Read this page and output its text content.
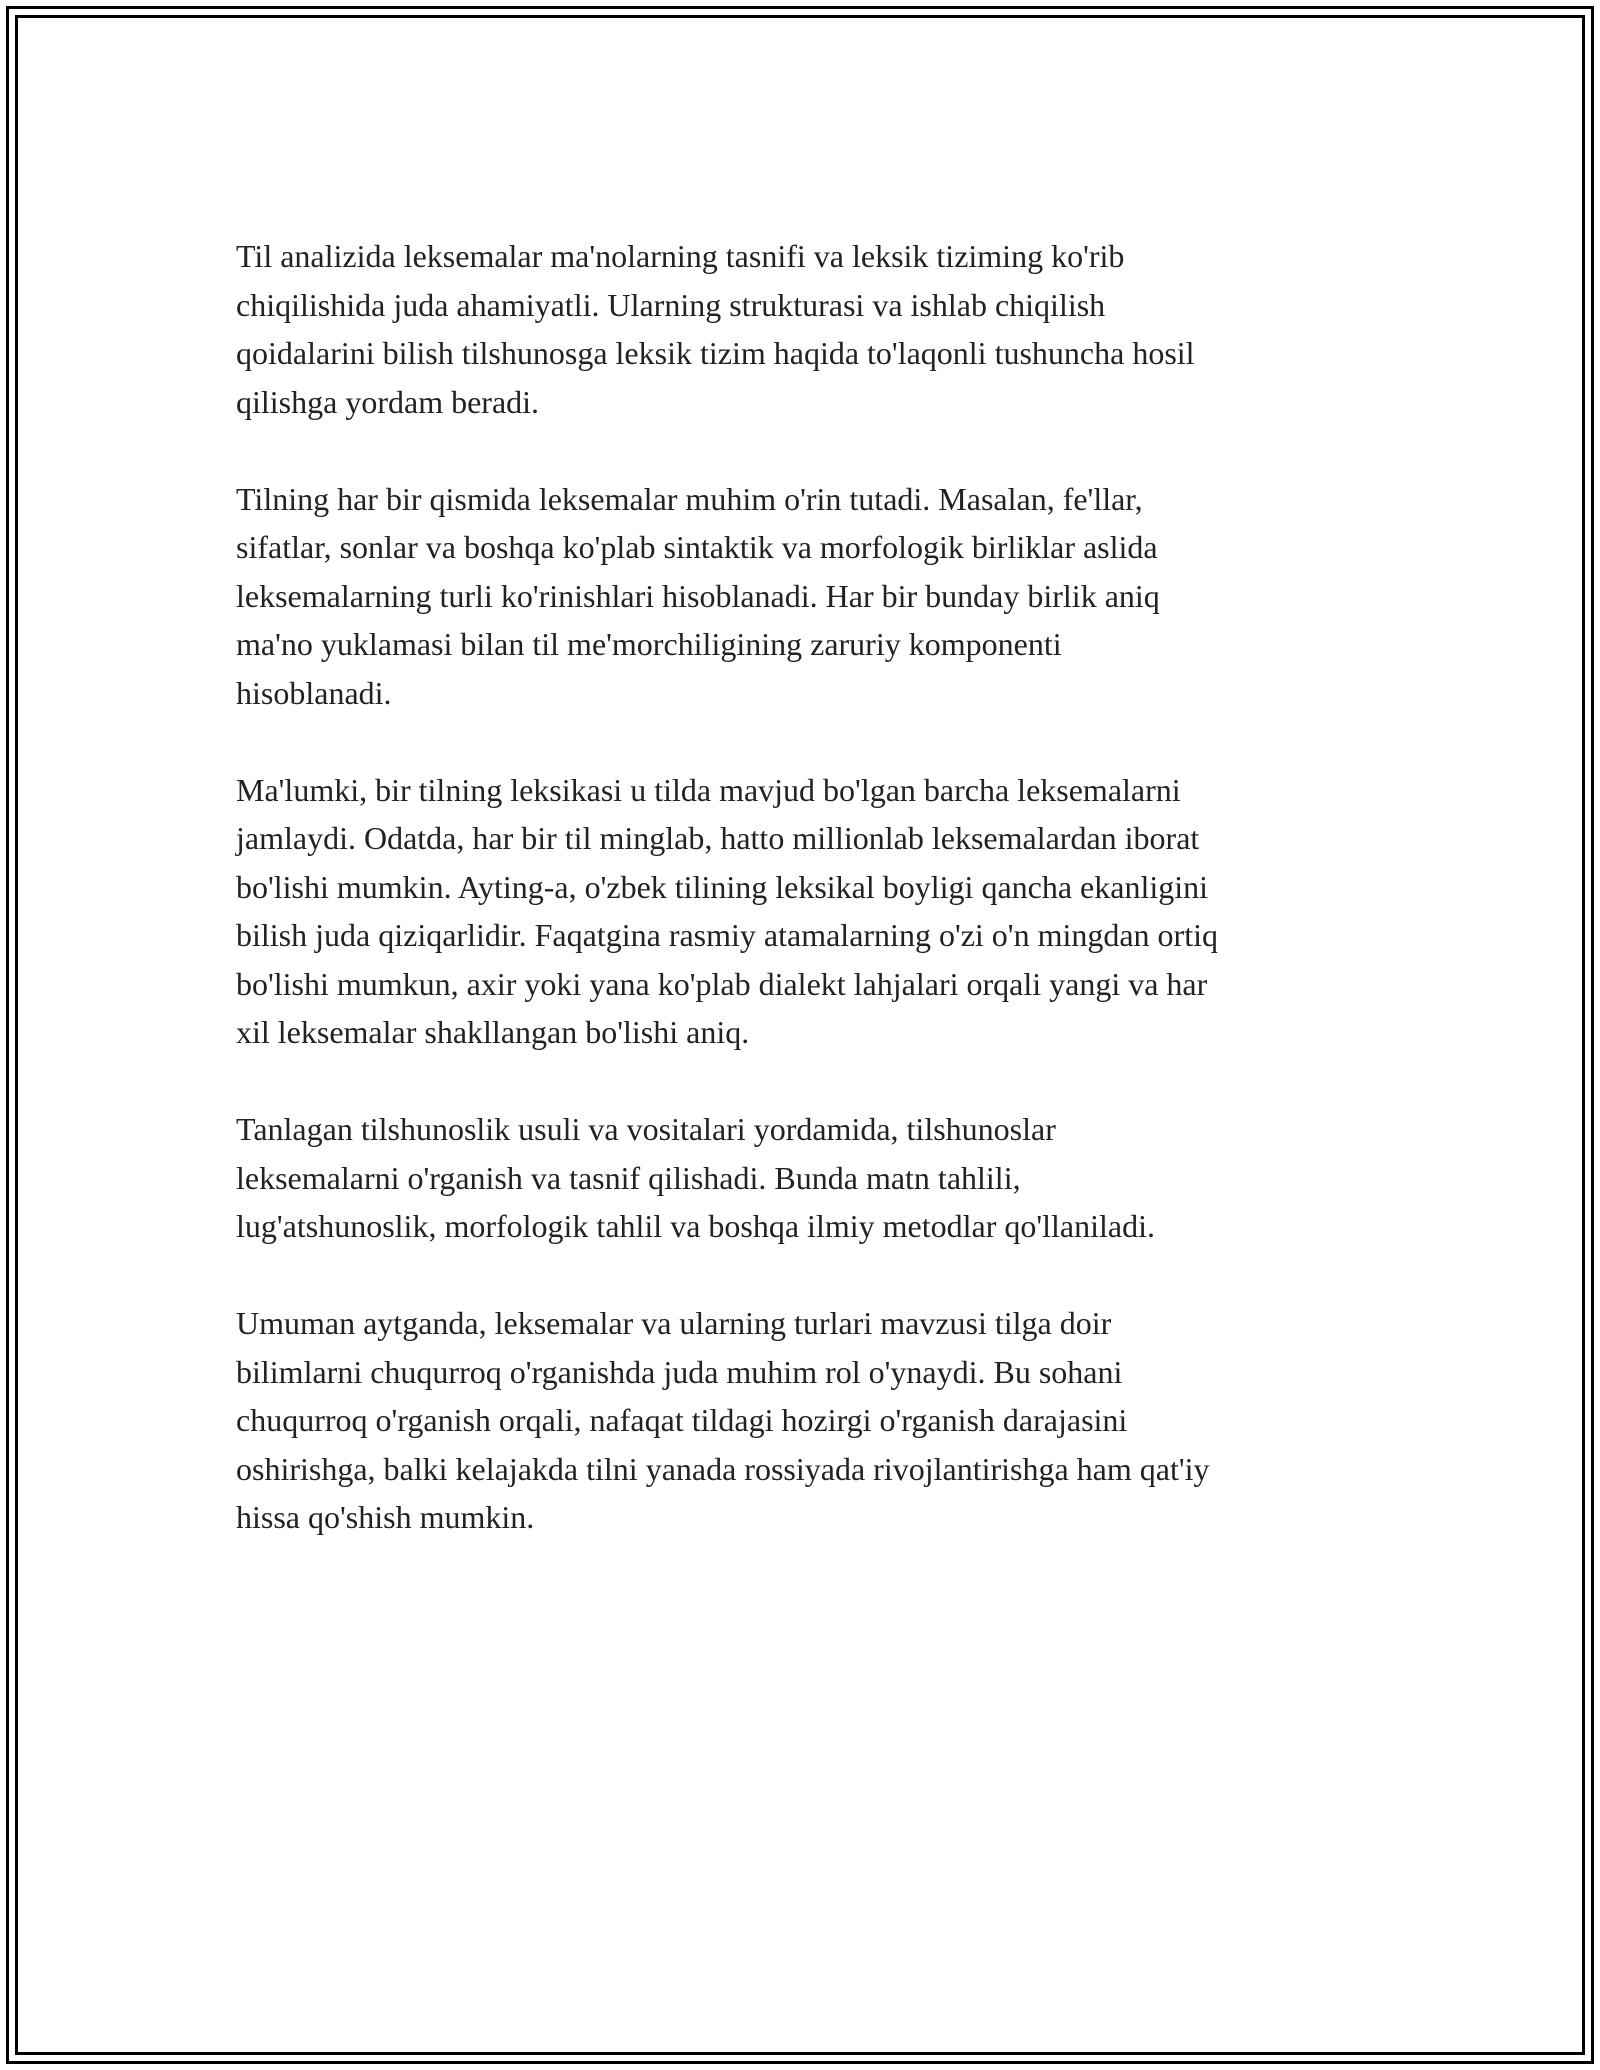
Til analizida leksemalar ma'nolarning tasnifi va leksik tiziming ko'rib
chiqilishida juda ahamiyatli. Ularning strukturasi va ishlab chiqilish
qoidalarini bilish tilshunosga leksik tizim haqida to'laqonli tushuncha hosil
qilishga yordam beradi.

Tilning har bir qismida leksemalar muhim o'rin tutadi. Masalan, fe'llar,
sifatlar, sonlar va boshqa ko'plab sintaktik va morfologik birliklar aslida
leksemalarning turli ko'rinishlari hisoblanadi. Har bir bunday birlik aniq
ma'no yuklamasi bilan til me'morchiligining zaruriy komponenti
hisoblanadi.

Ma'lumki, bir tilning leksikasi u tilda mavjud bo'lgan barcha leksemalarni
jamlaydi. Odatda, har bir til minglab, hatto millionlab leksemalardan iborat
bo'lishi mumkin. Ayting-a, o'zbek tilining leksikal boyligi qancha ekanligini
bilish juda qiziqarlidir. Faqatgina rasmiy atamalarning o'zi o'n mingdan ortiq
bo'lishi mumkun, axir yoki yana ko'plab dialekt lahjalari orqali yangi va har
xil leksemalar shakllangan bo'lishi aniq.

Tanlagan tilshunoslik usuli va vositalari yordamida, tilshunoslar
leksemalarni o'rganish va tasnif qilishadi. Bunda matn tahlili,
lug'atshunoslik, morfologik tahlil va boshqa ilmiy metodlar qo'llaniladi.

Umuman aytganda, leksemalar va ularning turlari mavzusi tilga doir
bilimlarni chuqurroq o'rganishda juda muhim rol o'ynaydi. Bu sohani
chuqurroq o'rganish orqali, nafaqat tildagi hozirgi o'rganish darajasini
oshirishga, balki kelajakda tilni yanada rossiyada rivojlantirishga ham qat'iy
hissa qo'shish mumkin.
